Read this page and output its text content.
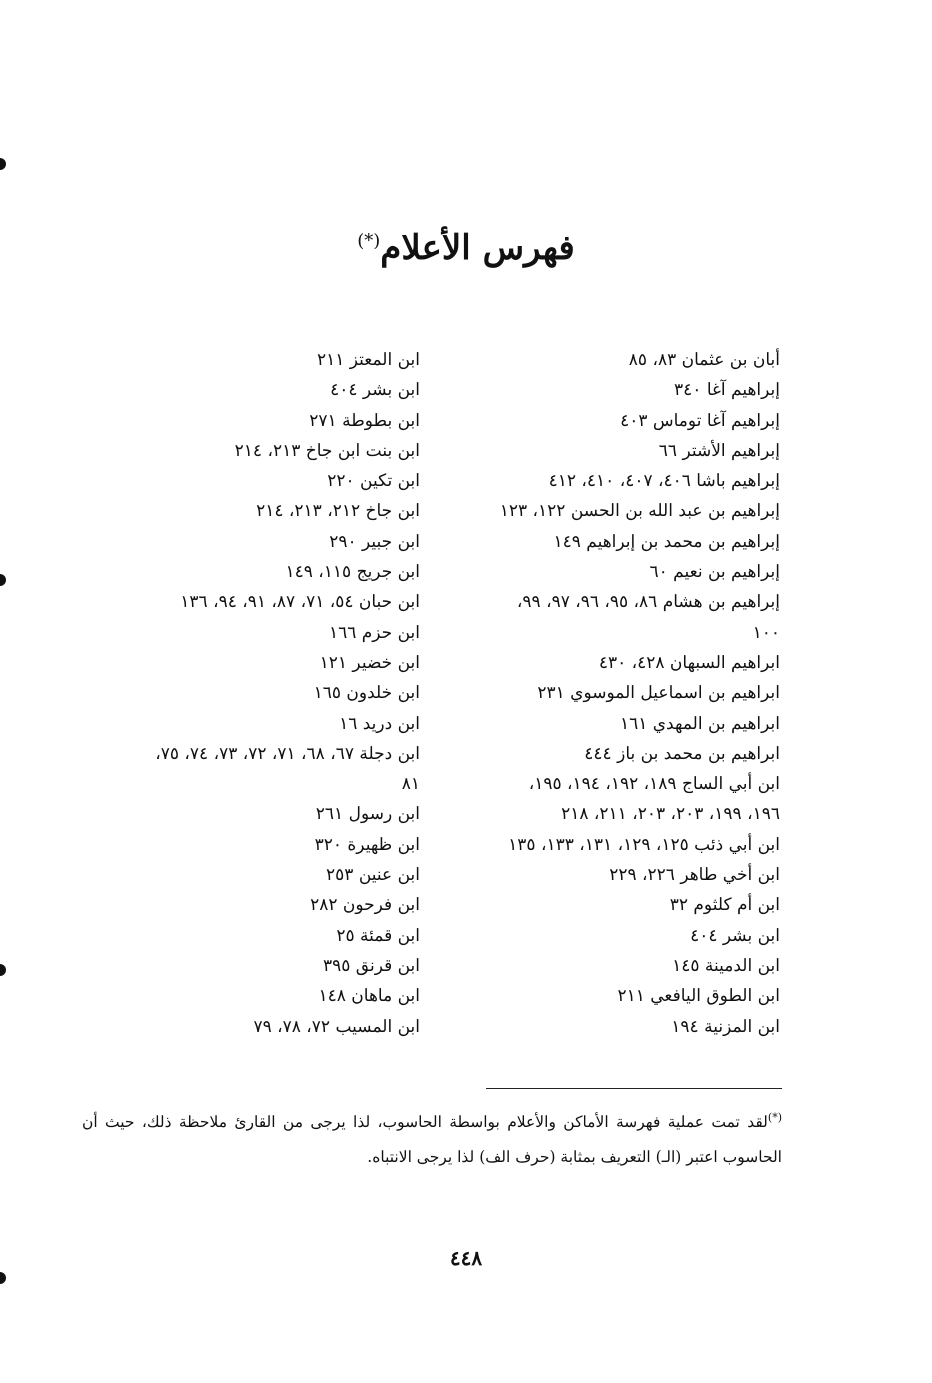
فهرس الأعلام(*)
أبان بن عثمان ٨٣، ٨٥
إبراهيم آغا ٣٤٠
إبراهيم آغا توماس ٤٠٣
إبراهيم الأشتر ٦٦
إبراهيم باشا ٤٠٦، ٤٠٧، ٤١٠، ٤١٢
إبراهيم بن عبد الله بن الحسن ١٢٢، ١٢٣
إبراهيم بن محمد بن إبراهيم ١٤٩
إبراهيم بن نعيم ٦٠
إبراهيم بن هشام ٨٦، ٩٥، ٩٦، ٩٧، ٩٩،
١٠٠
ابراهيم السبهان ٤٢٨، ٤٣٠
ابراهيم بن اسماعيل الموسوي ٢٣١
ابراهيم بن المهدي ١٦١
ابراهيم بن محمد بن باز ٤٤٤
ابن أبي الساج ١٨٩، ١٩٢، ١٩٤، ١٩٥،
١٩٦، ١٩٩، ٢٠٣، ٢٠٣، ٢١١، ٢١٨
ابن أبي ذئب ١٢٥، ١٢٩، ١٣١، ١٣٣، ١٣٥
ابن أخي طاهر ٢٢٦، ٢٢٩
ابن أم كلثوم ٣٢
ابن بشر ٤٠٤
ابن الدمينة ١٤٥
ابن الطوق اليافعي ٢١١
ابن المزنية ١٩٤
ابن المعتز ٢١١
ابن بشر ٤٠٤
ابن بطوطة ٢٧١
ابن بنت ابن جاخ ٢١٣، ٢١٤
ابن تكين ٢٢٠
ابن جاخ ٢١٢، ٢١٣، ٢١٤
ابن جبير ٢٩٠
ابن جريج ١١٥، ١٤٩
ابن حبان ٥٤، ٧١، ٨٧، ٩١، ٩٤، ١٣٦
ابن حزم ١٦٦
ابن خضير ١٢١
ابن خلدون ١٦٥
ابن دريد ١٦
ابن دجلة ٦٧، ٦٨، ٧١، ٧٢، ٧٣، ٧٤، ٧٥،
٨١
ابن رسول ٢٦١
ابن ظهيرة ٣٢٠
ابن عنين ٢٥٣
ابن فرحون ٢٨٢
ابن قمئة ٢٥
ابن قرنق ٣٩٥
ابن ماهان ١٤٨
ابن المسيب ٧٢، ٧٨، ٧٩
(*)لقد تمت عملية فهرسة الأماكن والأعلام بواسطة الحاسوب، لذا يرجى من القارئ ملاحظة ذلك، حيث أن الحاسوب اعتبر (الـ) التعريف بمثابة (حرف الف) لذا يرجى الانتباه.
٤٤٨
